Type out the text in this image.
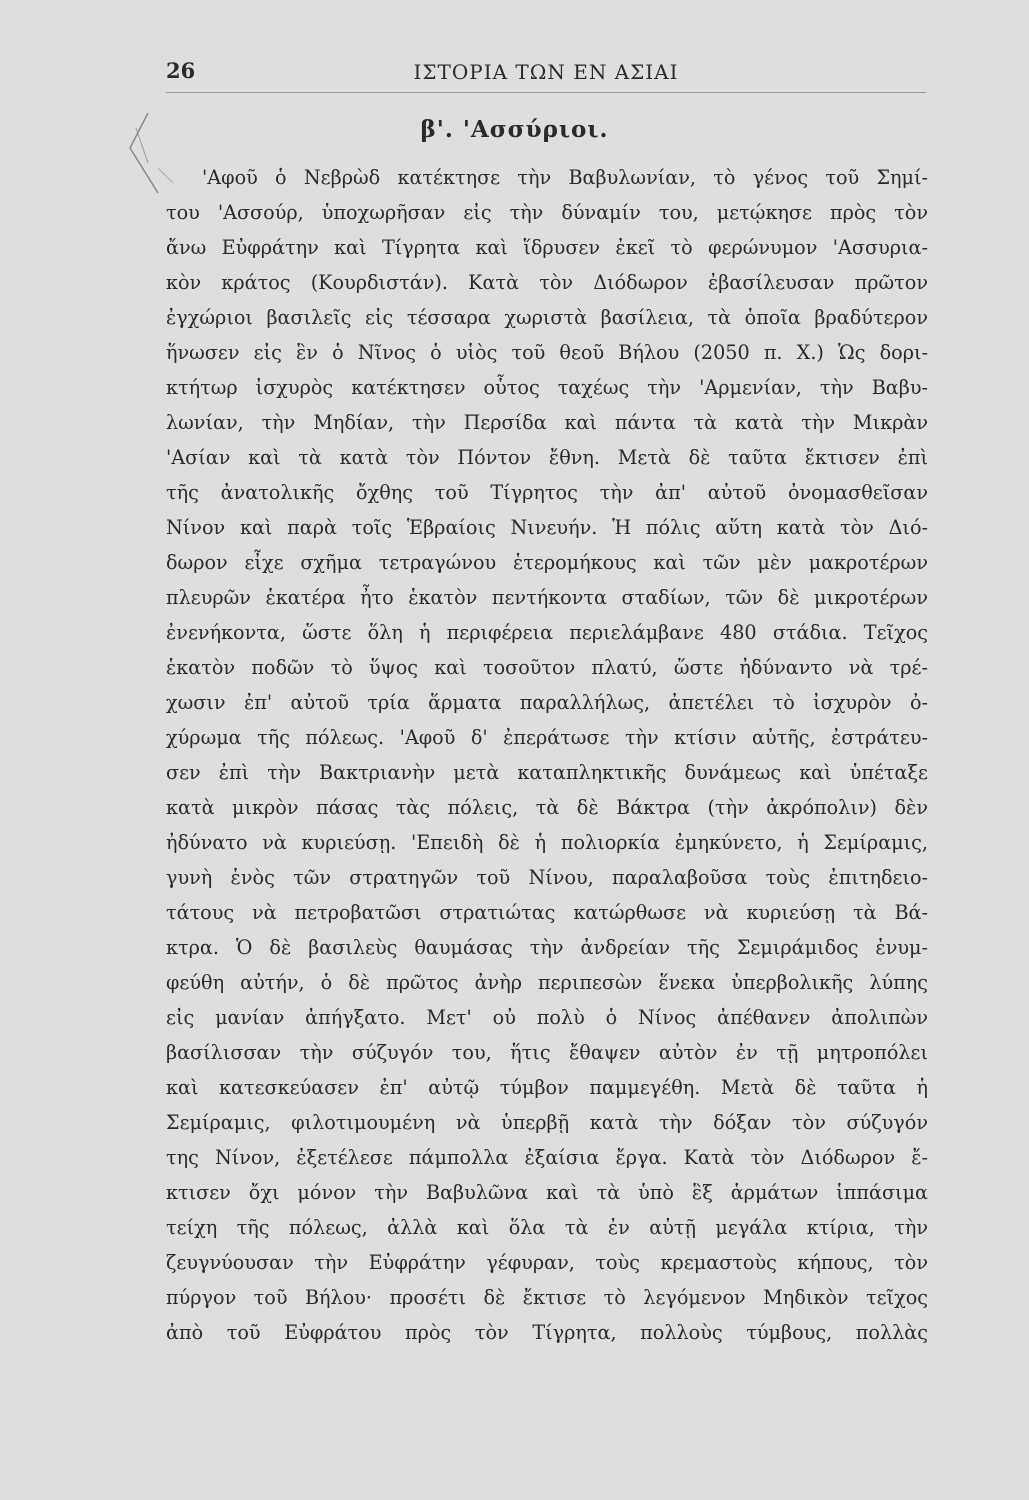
26	ΙΣΤΟΡΙΑ ΤΩΝ ΕΝ ΑΣΙΑΙ
β'. 'Ασσύριοι.
'Αφοῦ ὁ Νεβρὼδ κατέκτησε τὴν Βαβυλωνίαν, τὸ γένος τοῦ Σημί-
του 'Ασσούρ, ὑποχωρῆσαν εἰς τὴν δύναμίν του, μετῴκησε πρὸς τὸν
ἄνω Εὐφράτην καὶ Τίγρητα καὶ ἵδρυσεν ἐκεῖ τὸ φερώνυμον 'Ασσυρια-
κὸν κράτος (Κουρδιστάν). Κατὰ τὸν Διόδωρον ἐβασίλευσαν πρῶτον
ἐγχώριοι βασιλεῖς εἰς τέσσαρα χωριστὰ βασίλεια, τὰ ὁποῖα βραδύτερον
ἥνωσεν εἰς ἓν ὁ Νῖνος ὁ υἱὸς τοῦ θεοῦ Βήλου (2050 π. Χ.) Ὡς δορι-
κτήτωρ ἰσχυρὸς κατέκτησεν οὗτος ταχέως τὴν 'Αρμενίαν, τὴν Βαβυ-
λωνίαν, τὴν Μηδίαν, τὴν Περσίδα καὶ πάντα τὰ κατὰ τὴν Μικρὰν
'Ασίαν καὶ τὰ κατὰ τὸν Πόντον ἔθνη. Μετὰ δὲ ταῦτα ἔκτισεν ἐπὶ
τῆς ἀνατολικῆς ὄχθης τοῦ Τίγρητος τὴν ἀπ' αὐτοῦ ὀνομασθεῖσαν
Νίνον καὶ παρὰ τοῖς Ἑβραίοις Νινευήν. Ἡ πόλις αὕτη κατὰ τὸν Διό-
δωρον εἶχε σχῆμα τετραγώνου ἑτερομήκους καὶ τῶν μὲν μακροτέρων
πλευρῶν ἑκατέρα ἦτο ἑκατὸν πεντήκοντα σταδίων, τῶν δὲ μικροτέρων
ἐνενήκοντα, ὥστε ὅλη ἡ περιφέρεια περιελάμβανε 480 στάδια. Τεῖχος
ἑκατὸν ποδῶν τὸ ὕψος καὶ τοσοῦτον πλατύ, ὥστε ἠδύναντο νὰ τρέ-
χωσιν ἐπ' αὐτοῦ τρία ἅρματα παραλλήλως, ἀπετέλει τὸ ἰσχυρὸν ὀ-
χύρωμα τῆς πόλεως. 'Αφοῦ δ' ἐπεράτωσε τὴν κτίσιν αὐτῆς, ἐστράτευ-
σεν ἐπὶ τὴν Βακτριανὴν μετὰ καταπληκτικῆς δυνάμεως καὶ ὑπέταξε
κατὰ μικρὸν πάσας τὰς πόλεις, τὰ δὲ Βάκτρα (τὴν ἀκρόπολιν) δὲν
ἠδύνατο νὰ κυριεύσῃ. 'Επειδὴ δὲ ἡ πολιορκία ἐμηκύνετο, ἡ Σεμίραμις,
γυνὴ ἑνὸς τῶν στρατηγῶν τοῦ Νίνου, παραλαβοῦσα τοὺς ἐπιτηδειο-
τάτους νὰ πετροβατῶσι στρατιώτας κατώρθωσε νὰ κυριεύσῃ τὰ Βά-
κτρα. Ὁ δὲ βασιλεὺς θαυμάσας τὴν ἀνδρείαν τῆς Σεμιράμιδος ἐνυμ-
φεύθη αὐτήν, ὁ δὲ πρῶτος ἀνὴρ περιπεσὼν ἕνεκα ὑπερβολικῆς λύπης
εἰς μανίαν ἀπήγξατο. Μετ' οὐ πολὺ ὁ Νίνος ἀπέθανεν ἀπολιπὼν
βασίλισσαν τὴν σύζυγόν του, ἥτις ἔθαψεν αὐτὸν ἐν τῇ μητροπόλει
καὶ κατεσκεύασεν ἐπ' αὐτῷ τύμβον παμμεγέθη. Μετὰ δὲ ταῦτα ἡ
Σεμίραμις, φιλοτιμουμένη νὰ ὑπερβῇ κατὰ τὴν δόξαν τὸν σύζυγόν
της Νίνον, ἐξετέλεσε πάμπολλα ἐξαίσια ἔργα. Κατὰ τὸν Διόδωρον ἔ-
κτισεν ὄχι μόνον τὴν Βαβυλῶνα καὶ τὰ ὑπὸ ἓξ ἁρμάτων ἱππάσιμα
τείχη τῆς πόλεως, ἀλλὰ καὶ ὅλα τὰ ἐν αὐτῇ μεγάλα κτίρια, τὴν
ζευγνύουσαν τὴν Εὐφράτην γέφυραν, τοὺς κρεμαστοὺς κήπους, τὸν
πύργον τοῦ Βήλου· προσέτι δὲ ἔκτισε τὸ λεγόμενον Μηδικὸν τεῖχος
ἀπὸ τοῦ Εὐφράτου πρὸς τὸν Τίγρητα, πολλοὺς τύμβους, πολλὰς
